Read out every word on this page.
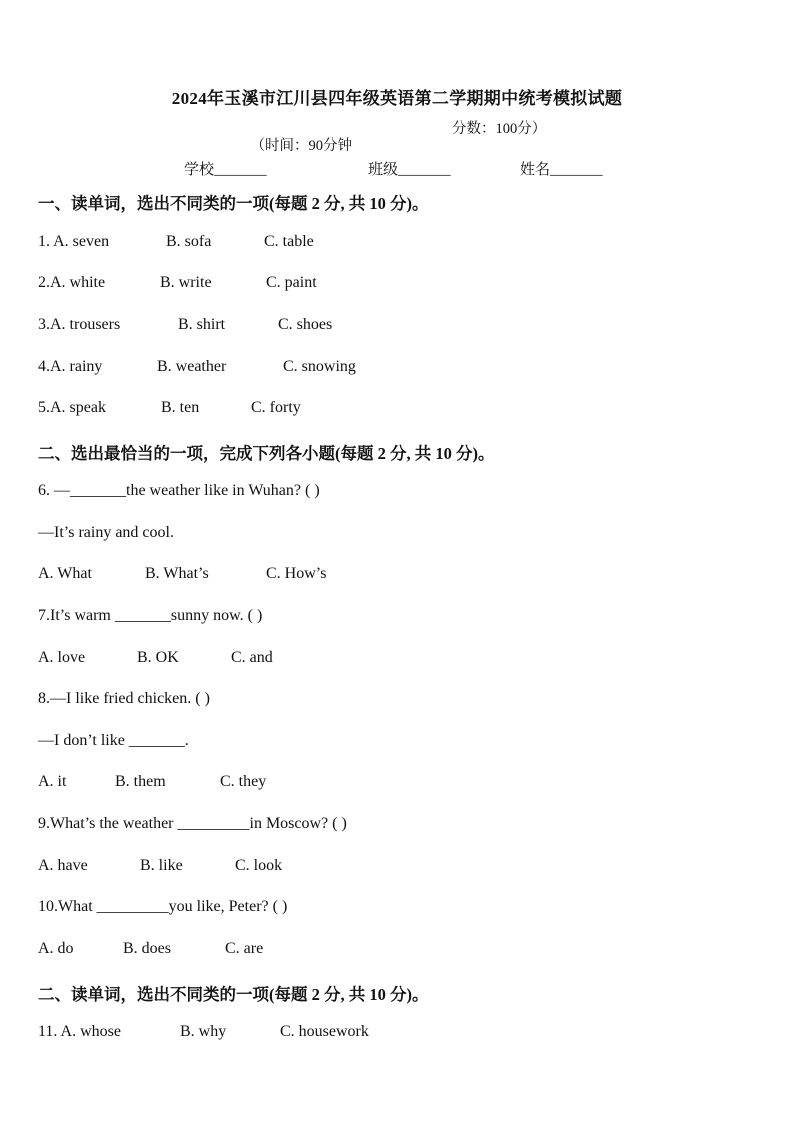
2024年玉溪市江川县四年级英语第二学期期中统考模拟试题

（时间：90分钟

分数：100分）

学校_______	班级_______	姓名_______
一、读单词，选出不同类的一项(每题 2 分, 共 10 分)。
1. A. seven	B. sofa	C. table
2.A. white	B. write	C. paint
3.A. trousers	B. shirt	C. shoes
4.A. rainy	B. weather	C. snowing
5.A. speak	B. ten	C. forty
二、选出最恰当的一项，完成下列各小题(每题 2 分, 共 10 分)。
6. —_______the weather like in Wuhan? ( )
—It’s rainy and cool.
A. What	B. What’s	C. How’s
7.It’s warm _______sunny now. ( )
A. love	B. OK	C. and
8.—I like fried chicken. ( )
—I don’t like _______.
A. it	B. them	C. they
9.What’s the weather _________in Moscow? ( )
A. have	B. like	C. look
10.What _________you like, Peter? ( )
A. do	B. does	C. are
二、读单词，选出不同类的一项(每题 2 分, 共 10 分)。
11. A. whose	B. why	C. housework
